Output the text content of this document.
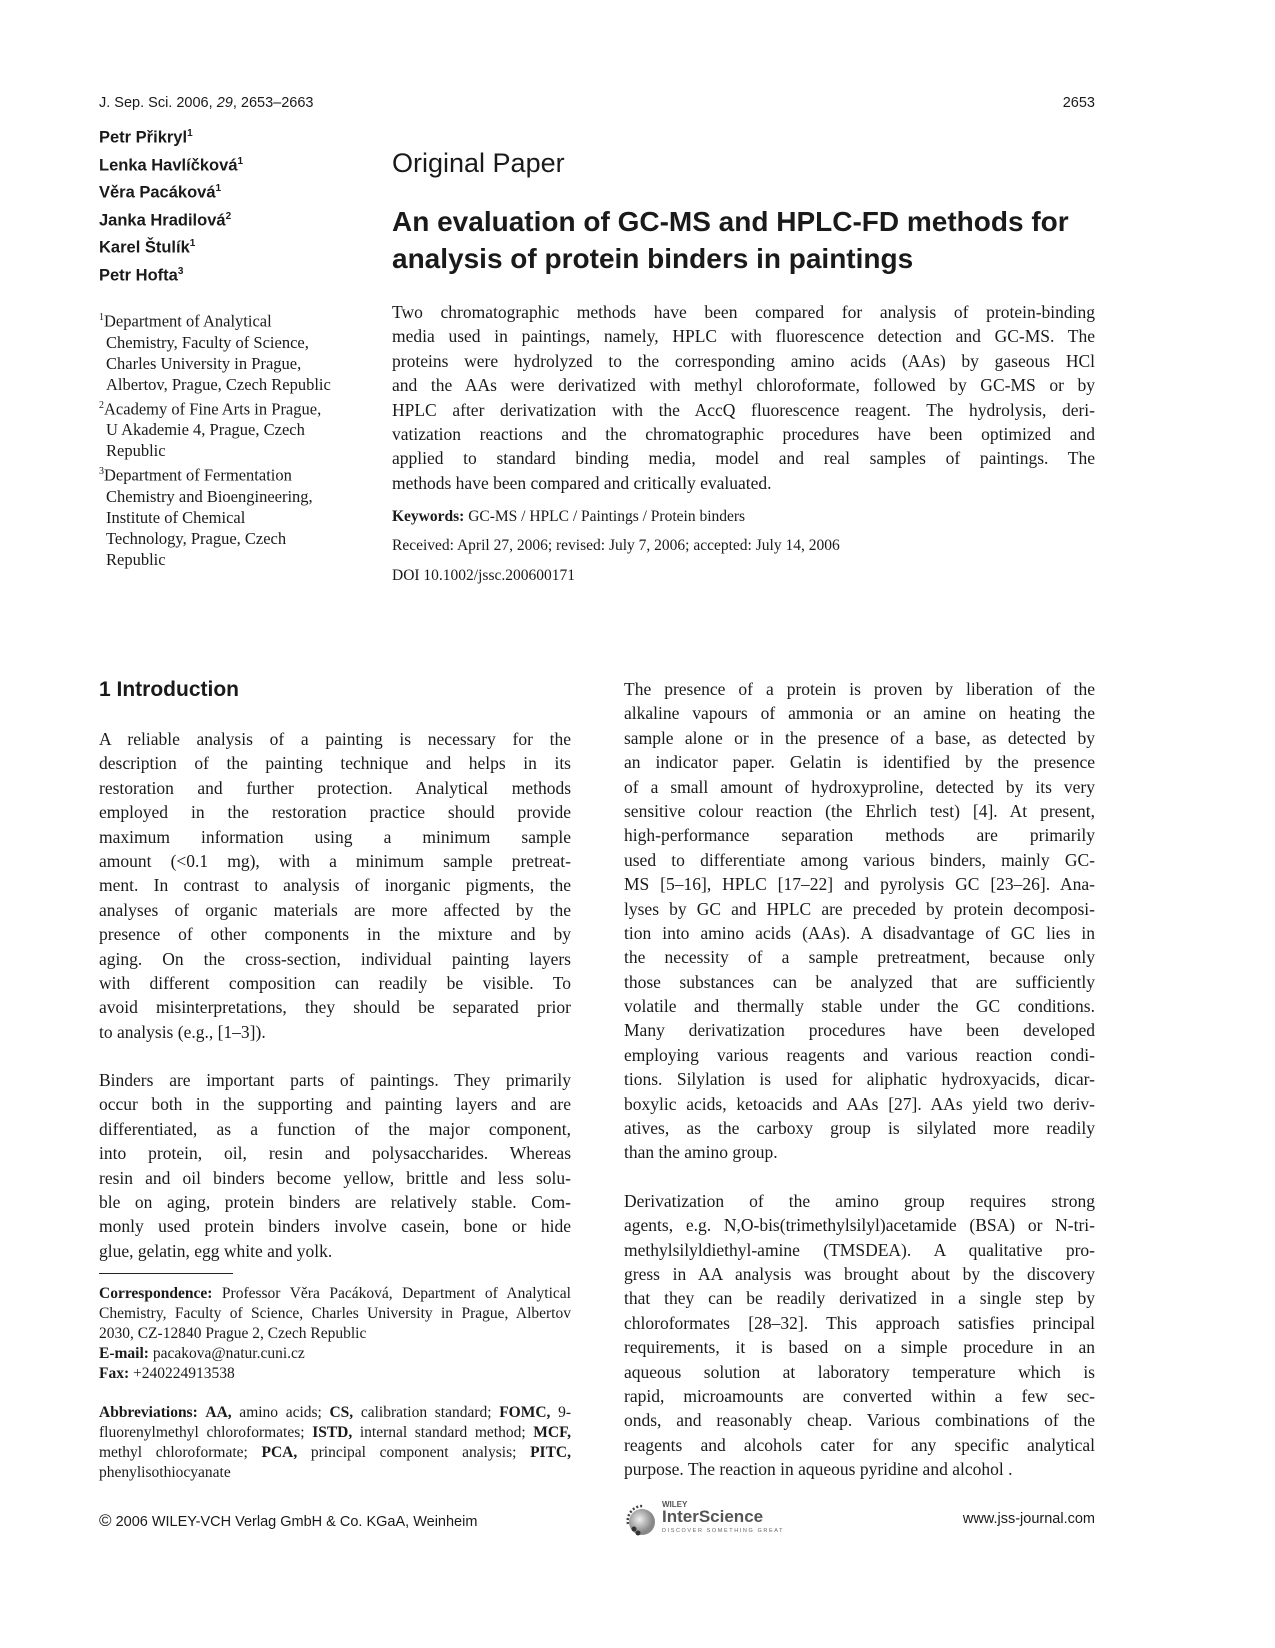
J. Sep. Sci. 2006, 29, 2653–2663	2653
Petr Přikryl$^1$
Lenka Havlíčková$^1$
Věra Pacáková$^1$
Janka Hradilová$^2$
Karel Štulík$^1$
Petr Hofta$^3$
$^1$Department of Analytical
Chemistry, Faculty of Science,
Charles University in Prague,
Albertov, Prague, Czech Republic
$^2$Academy of Fine Arts in Prague,
U Akademie 4, Prague, Czech
Republic
$^3$Department of Fermentation
Chemistry and Bioengineering,
Institute of Chemical
Technology, Prague, Czech
Republic
Original Paper
An evaluation of GC-MS and HPLC-FD methods for
analysis of protein binders in paintings
Two chromatographic methods have been compared for analysis of protein-binding
media used in paintings, namely, HPLC with fluorescence detection and GC-MS. The
proteins were hydrolyzed to the corresponding amino acids (AAs) by gaseous HCl
and the AAs were derivatized with methyl chloroformate, followed by GC-MS or by
HPLC after derivatization with the AccQ fluorescence reagent. The hydrolysis, deri-
vatization reactions and the chromatographic procedures have been optimized and
applied to standard binding media, model and real samples of paintings. The
methods have been compared and critically evaluated.
Keywords: GC-MS / HPLC / Paintings / Protein binders
Received: April 27, 2006; revised: July 7, 2006; accepted: July 14, 2006
DOI 10.1002/jssc.200600171
1 Introduction
A reliable analysis of a painting is necessary for the
description of the painting technique and helps in its
restoration and further protection. Analytical methods
employed in the restoration practice should provide
maximum information using a minimum sample
amount (<0.1 mg), with a minimum sample pretreat-
ment. In contrast to analysis of inorganic pigments, the
analyses of organic materials are more affected by the
presence of other components in the mixture and by
aging. On the cross-section, individual painting layers
with different composition can readily be visible. To
avoid misinterpretations, they should be separated prior
to analysis (e.g., [1–3]).
Binders are important parts of paintings. They primarily
occur both in the supporting and painting layers and are
differentiated, as a function of the major component,
into protein, oil, resin and polysaccharides. Whereas
resin and oil binders become yellow, brittle and less solu-
ble on aging, protein binders are relatively stable. Com-
monly used protein binders involve casein, bone or hide
glue, gelatin, egg white and yolk.
The presence of a protein is proven by liberation of the
alkaline vapours of ammonia or an amine on heating the
sample alone or in the presence of a base, as detected by
an indicator paper. Gelatin is identified by the presence
of a small amount of hydroxyproline, detected by its very
sensitive colour reaction (the Ehrlich test) [4]. At present,
high-performance separation methods are primarily
used to differentiate among various binders, mainly GC-
MS [5–16], HPLC [17–22] and pyrolysis GC [23–26]. Ana-
lyses by GC and HPLC are preceded by protein decomposi-
tion into amino acids (AAs). A disadvantage of GC lies in
the necessity of a sample pretreatment, because only
those substances can be analyzed that are sufficiently
volatile and thermally stable under the GC conditions.
Many derivatization procedures have been developed
employing various reagents and various reaction condi-
tions. Silylation is used for aliphatic hydroxyacids, dicar-
boxylic acids, ketoacids and AAs [27]. AAs yield two deriv-
atives, as the carboxy group is silylated more readily
than the amino group.
Derivatization of the amino group requires strong
agents, e.g. N,O-bis(trimethylsilyl)acetamide (BSA) or N-tri-
methylsilyldiethyl-amine (TMSDEA). A qualitative pro-
gress in AA analysis was brought about by the discovery
that they can be readily derivatized in a single step by
chloroformates [28–32]. This approach satisfies principal
requirements, it is based on a simple procedure in an
aqueous solution at laboratory temperature which is
rapid, microamounts are converted within a few sec-
onds, and reasonably cheap. Various combinations of the
reagents and alcohols cater for any specific analytical
purpose. The reaction in aqueous pyridine and alcohol .
Correspondence: Professor Věra Pacáková, Department of Analytical Chemistry, Faculty of Science, Charles University in Prague, Albertov 2030, CZ-12840 Prague 2, Czech Republic
E-mail: pacakova@natur.cuni.cz
Fax: +240224913538
Abbreviations: AA, amino acids; CS, calibration standard; FOMC, 9-fluorenylmethyl chloroformates; ISTD, internal standard method; MCF, methyl chloroformate; PCA, principal component analysis; PITC, phenylisothiocyanate
© 2006 WILEY-VCH Verlag GmbH & Co. KGaA, Weinheim
WILEY
InterScience
DISCOVER SOMETHING GREAT
www.jss-journal.com
